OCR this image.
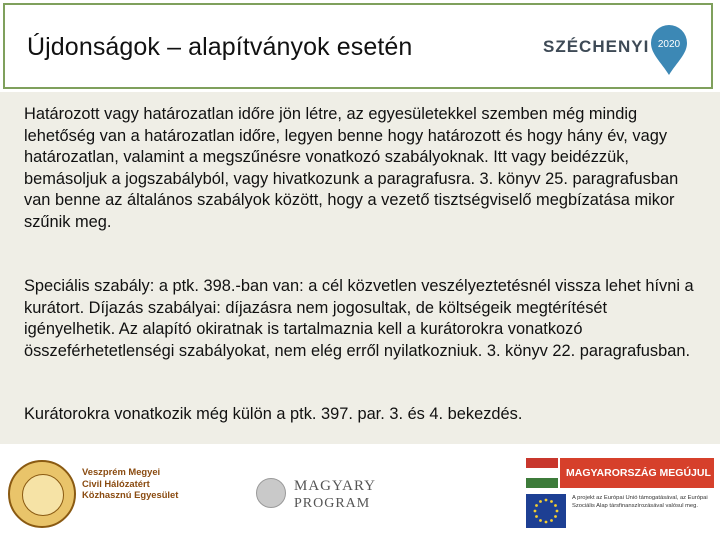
Újdonságok – alapítványok esetén	SZÉCHENYI 2020
Határozott vagy határozatlan időre jön létre, az egyesületekkel szemben még mindig lehetőség van a határozatlan időre, legyen benne hogy határozott és hogy hány év, vagy határozatlan, valamint a megszűnésre vonatkozó szabályoknak. Itt vagy beidézzük, bemásoljuk a jogszabályból, vagy hivatkozunk a paragrafusra. 3. könyv 25. paragrafusban van benne az általános szabályok között, hogy a vezető tisztségviselő megbízatása mikor szűnik meg.
Speciális szabály: a ptk. 398.-ban van: a cél közvetlen veszélyeztetésnél vissza lehet hívni a kurátort. Díjazás szabályai: díjazásra nem jogosultak, de költségeik megtérítését igényelhetik. Az alapító okiratnak is tartalmaznia kell a kurátorokra vonatkozó összeférhetetlenségi szabályokat, nem elég erről nyilatkozniuk. 3. könyv 22. paragrafusban.
Kurátorokra vonatkozik még külön a ptk. 397. par. 3. és 4. bekezdés.
Veszprém Megyei
Civil Hálózatért
Közhasznú Egyesület
MAGYARY
PROGRAM
MAGYARORSZÁG MEGÚJUL
A projekt az Európai Unió támogatásával, az Európai Szociális Alap társfinanszírozásával valósul meg.
